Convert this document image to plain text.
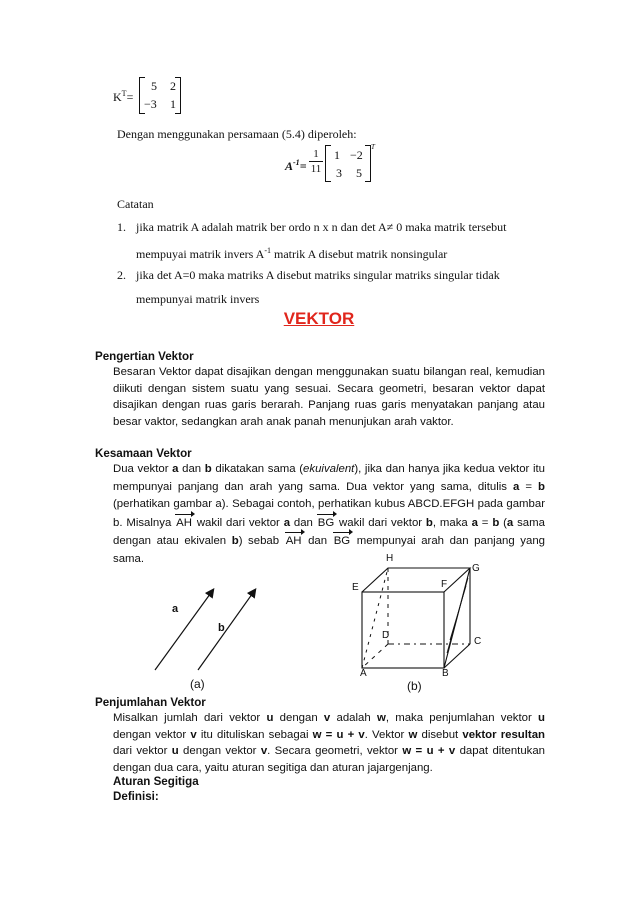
$K^T=$
5 2
−3 1
Dengan menggunakan persamaan (5.4) diperoleh:
$A^{-1}= \frac{1}{11} 1 -2$
3 5
T
Catatan
1. jika matrik A adalah matrik ber ordo n x n dan det A≠ 0 maka matrik tersebut
mempuyai matrik invers $A^{-1}$ matrik A disebut matrik nonsingular
2. jika det A=0 maka matriks A disebut matriks singular matriks singular tidak
mempunyai matrik invers
VEKTOR
Pengertian Vektor
Besaran Vektor dapat disajikan dengan menggunakan suatu bilangan real, kemudian diikuti dengan sistem suatu yang sesuai. Secara geometri, besaran vektor dapat disajikan dengan ruas garis berarah. Panjang ruas garis menyatakan panjang atau besar vaktor, sedangkan arah anak panah menunjukan arah vaktor.
Kesamaan Vektor
Dua vektor a dan b dikatakan sama (ekuivalent), jika dan hanya jika kedua vektor itu mempunyai panjang dan arah yang sama. Dua vektor yang sama, ditulis a = b (perhatikan gambar a). Sebagai contoh, perhatikan kubus ABCD.EFGH pada gambar b. Misalnya AH wakil dari vektor a dan BG wakil dari vektor b, maka a = b (a sama dengan atau ekivalen b) sebab AH dan BG mempunyai arah dan panjang yang sama.
a
b
(a)
H
G
E	F
D
C
A	B
(b)
Penjumlahan Vektor
Misalkan jumlah dari vektor u dengan v adalah w, maka penjumlahan vektor u dengan vektor v itu dituliskan sebagai w = u + v. Vektor w disebut vektor resultan dari vektor u dengan vektor v. Secara geometri, vektor w = u + v dapat ditentukan dengan dua cara, yaitu aturan segitiga dan aturan jajargenjang.
Aturan Segitiga
Definisi:
